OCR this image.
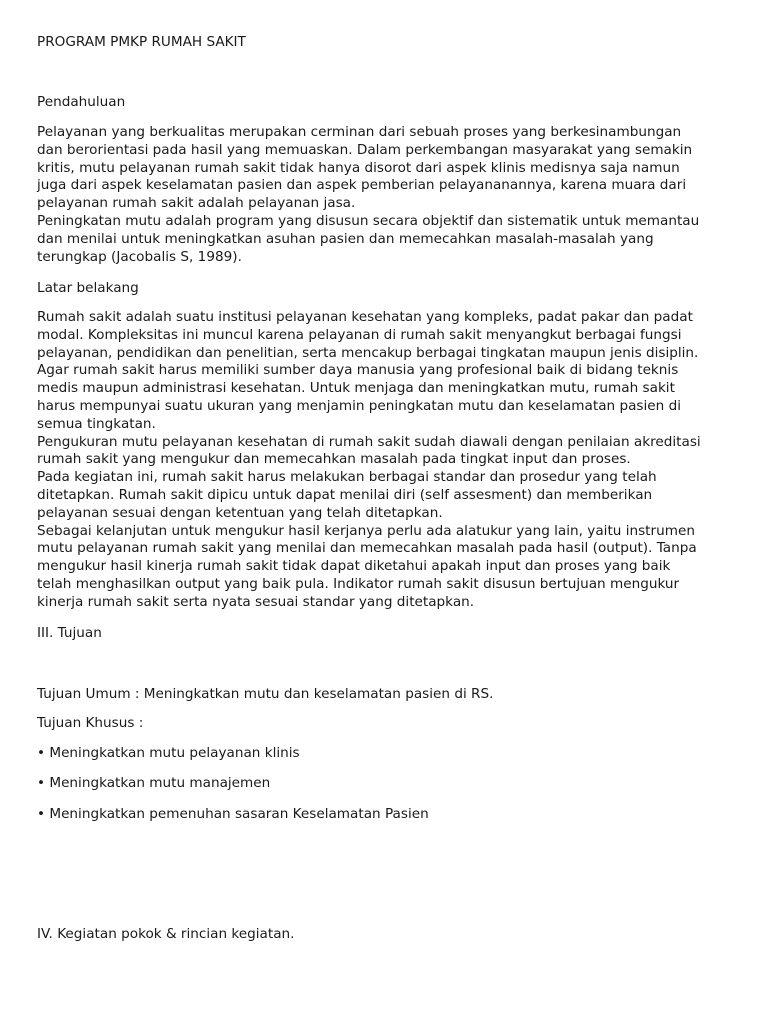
PROGRAM PMKP RUMAH SAKIT
Pendahuluan
Pelayanan yang berkualitas merupakan cerminan dari sebuah proses yang berkesinambungan
dan berorientasi pada hasil yang memuaskan. Dalam perkembangan masyarakat yang semakin
kritis, mutu pelayanan rumah sakit tidak hanya disorot dari aspek klinis medisnya saja namun
juga dari aspek keselamatan pasien dan aspek pemberian pelayananannya, karena muara dari
pelayanan rumah sakit adalah pelayanan jasa.
Peningkatan mutu adalah program yang disusun secara objektif dan sistematik untuk memantau
dan menilai untuk meningkatkan asuhan pasien dan memecahkan masalah-masalah yang
terungkap (Jacobalis S, 1989).
Latar belakang
Rumah sakit adalah suatu institusi pelayanan kesehatan yang kompleks, padat pakar dan padat
modal. Kompleksitas ini muncul karena pelayanan di rumah sakit menyangkut berbagai fungsi
pelayanan, pendidikan dan penelitian, serta mencakup berbagai tingkatan maupun jenis disiplin.
Agar rumah sakit harus memiliki sumber daya manusia yang profesional baik di bidang teknis
medis maupun administrasi kesehatan. Untuk menjaga dan meningkatkan mutu, rumah sakit
harus mempunyai suatu ukuran yang menjamin peningkatan mutu dan keselamatan pasien di
semua tingkatan.
Pengukuran mutu pelayanan kesehatan di rumah sakit sudah diawali dengan penilaian akreditasi
rumah sakit yang mengukur dan memecahkan masalah pada tingkat input dan proses.
Pada kegiatan ini, rumah sakit harus melakukan berbagai standar dan prosedur yang telah
ditetapkan. Rumah sakit dipicu untuk dapat menilai diri (self assesment) dan memberikan
pelayanan sesuai dengan ketentuan yang telah ditetapkan.
Sebagai kelanjutan untuk mengukur hasil kerjanya perlu ada alatukur yang lain, yaitu instrumen
mutu pelayanan rumah sakit yang menilai dan memecahkan masalah pada hasil (output). Tanpa
mengukur hasil kinerja rumah sakit tidak dapat diketahui apakah input dan proses yang baik
telah menghasilkan output yang baik pula. Indikator rumah sakit disusun bertujuan mengukur
kinerja rumah sakit serta nyata sesuai standar yang ditetapkan.
III. Tujuan
Tujuan Umum : Meningkatkan mutu dan keselamatan pasien di RS.
Tujuan Khusus :
• Meningkatkan mutu pelayanan klinis
• Meningkatkan mutu manajemen
• Meningkatkan pemenuhan sasaran Keselamatan Pasien
IV. Kegiatan pokok & rincian kegiatan.
